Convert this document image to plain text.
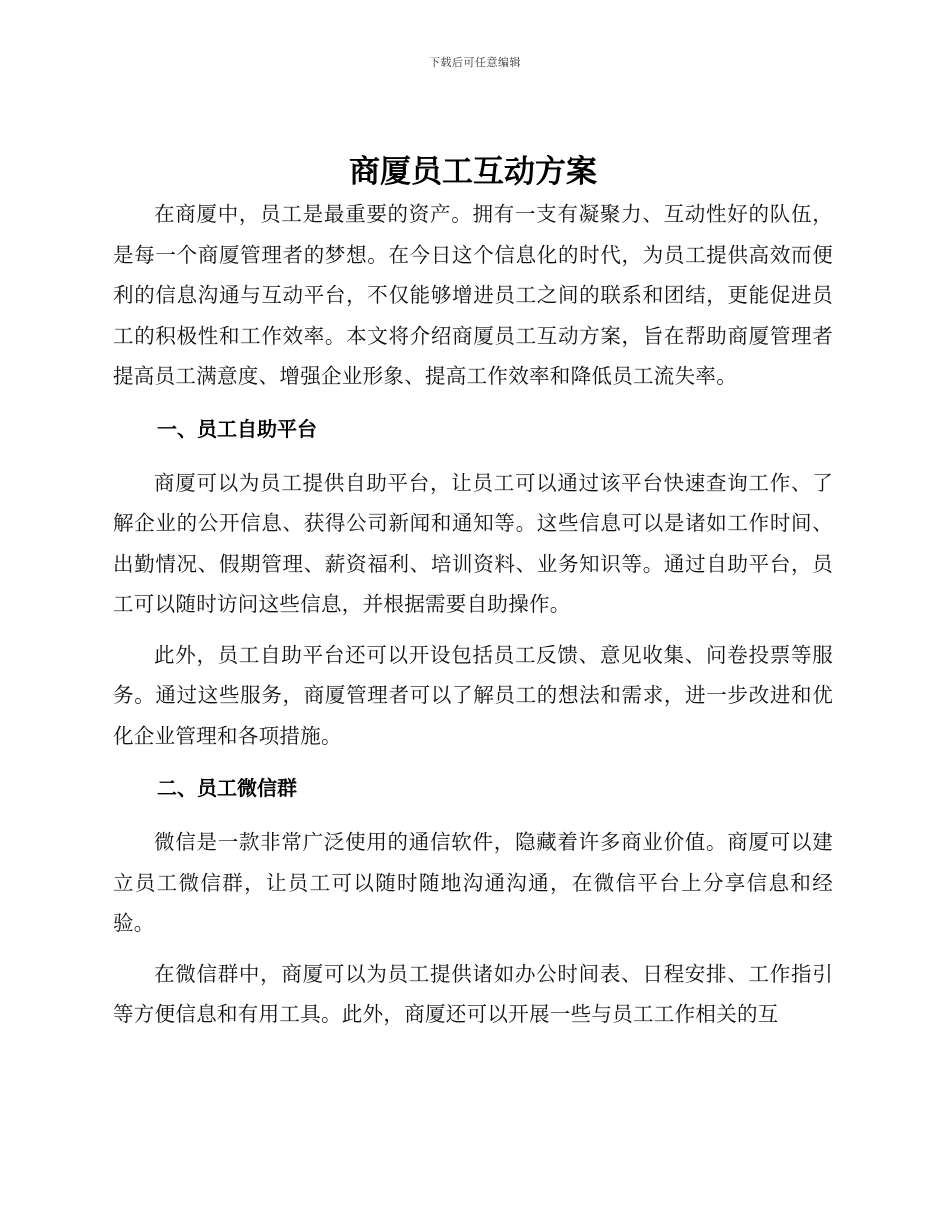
下载后可任意编辑
商厦员工互动方案

在商厦中，员工是最重要的资产。拥有一支有凝聚力、互动性好的队伍，是每一个商厦管理者的梦想。在今日这个信息化的时代，为员工提供高效而便利的信息沟通与互动平台，不仅能够增进员工之间的联系和团结，更能促进员工的积极性和工作效率。本文将介绍商厦员工互动方案，旨在帮助商厦管理者提高员工满意度、增强企业形象、提高工作效率和降低员工流失率。

一、员工自助平台

商厦可以为员工提供自助平台，让员工可以通过该平台快速查询工作、了解企业的公开信息、获得公司新闻和通知等。这些信息可以是诸如工作时间、出勤情况、假期管理、薪资福利、培训资料、业务知识等。通过自助平台，员工可以随时访问这些信息，并根据需要自助操作。

此外，员工自助平台还可以开设包括员工反馈、意见收集、问卷投票等服务。通过这些服务，商厦管理者可以了解员工的想法和需求，进一步改进和优化企业管理和各项措施。

二、员工微信群

微信是一款非常广泛使用的通信软件，隐藏着许多商业价值。商厦可以建立员工微信群，让员工可以随时随地沟通沟通，在微信平台上分享信息和经验。

在微信群中，商厦可以为员工提供诸如办公时间表、日程安排、工作指引等方便信息和有用工具。此外，商厦还可以开展一些与员工工作相关的互
